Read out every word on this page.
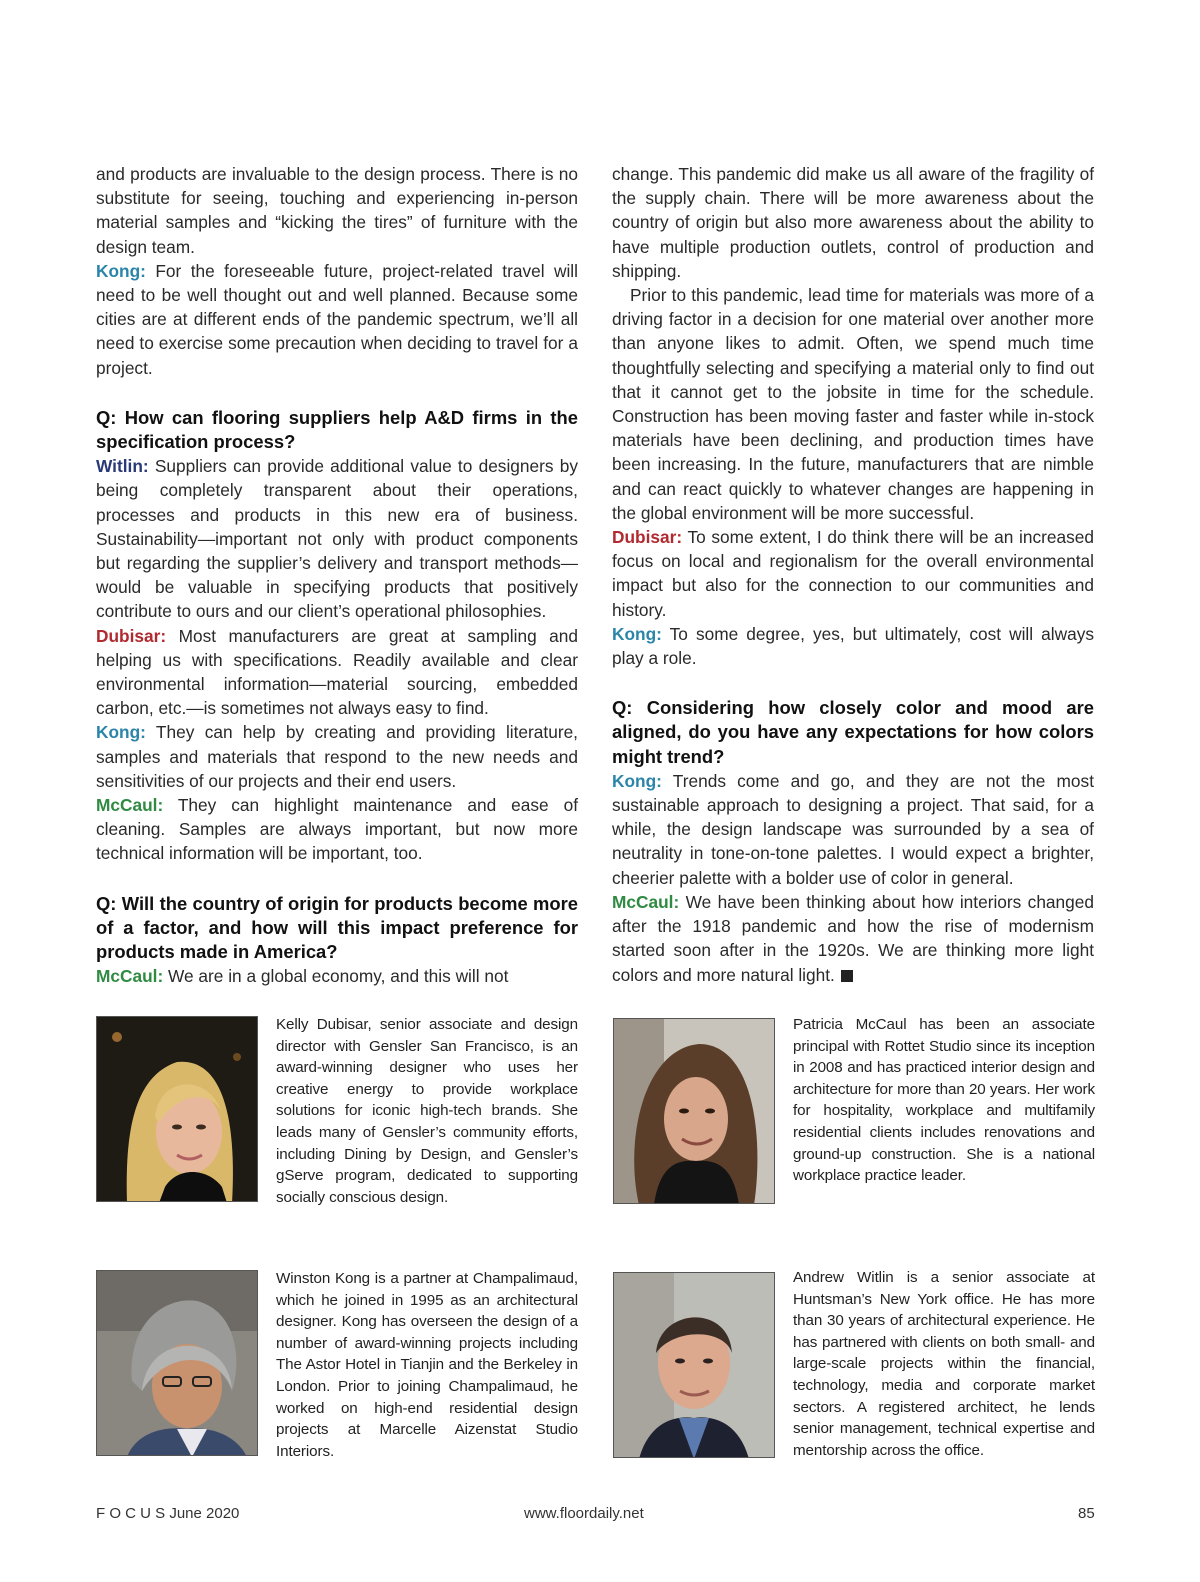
and products are invaluable to the design process. There is no substitute for seeing, touching and experiencing in-person material samples and “kicking the tires” of furniture with the design team.

Kong: For the foreseeable future, project-related travel will need to be well thought out and well planned. Because some cities are at different ends of the pandemic spectrum, we’ll all need to exercise some precaution when deciding to travel for a project.

Q: How can flooring suppliers help A&D firms in the specification process?

Witlin: Suppliers can provide additional value to designers by being completely transparent about their operations, processes and products in this new era of business. Sustainability—important not only with product components but regarding the supplier’s delivery and transport methods—would be valuable in specifying products that positively contribute to ours and our client’s operational philosophies.

Dubisar: Most manufacturers are great at sampling and helping us with specifications. Readily available and clear environmental information—material sourcing, embedded carbon, etc.—is sometimes not always easy to find.

Kong: They can help by creating and providing literature, samples and materials that respond to the new needs and sensitivities of our projects and their end users.

McCaul: They can highlight maintenance and ease of cleaning. Samples are always important, but now more technical information will be important, too.

Q: Will the country of origin for products become more of a factor, and how will this impact preference for products made in America?

McCaul: We are in a global economy, and this will not

change. This pandemic did make us all aware of the fragility of the supply chain. There will be more awareness about the country of origin but also more awareness about the ability to have multiple production outlets, control of production and shipping.

Prior to this pandemic, lead time for materials was more of a driving factor in a decision for one material over another more than anyone likes to admit. Often, we spend much time thoughtfully selecting and specifying a material only to find out that it cannot get to the jobsite in time for the schedule. Construction has been moving faster and faster while in-stock materials have been declining, and production times have been increasing. In the future, manufacturers that are nimble and can react quickly to whatever changes are happening in the global environment will be more successful.

Dubisar: To some extent, I do think there will be an increased focus on local and regionalism for the overall environmental impact but also for the connection to our communities and history.

Kong: To some degree, yes, but ultimately, cost will always play a role.

Q: Considering how closely color and mood are aligned, do you have any expectations for how colors might trend?

Kong: Trends come and go, and they are not the most sustainable approach to designing a project. That said, for a while, the design landscape was surrounded by a sea of neutrality in tone-on-tone palettes. I would expect a brighter, cheerier palette with a bolder use of color in general.

McCaul: We have been thinking about how interiors changed after the 1918 pandemic and how the rise of modernism started soon after in the 1920s. We are thinking more light colors and more natural light.

Kelly Dubisar, senior associate and design director with Gensler San Francisco, is an award-winning designer who uses her creative energy to provide workplace solutions for iconic high-tech brands. She leads many of Gensler’s community efforts, including Dining by Design, and Gensler’s gServe program, dedicated to supporting socially conscious design.
Patricia McCaul has been an associate principal with Rottet Studio since its inception in 2008 and has practiced interior design and architecture for more than 20 years. Her work for hospitality, workplace and multifamily residential clients includes renovations and ground-up construction. She is a national workplace practice leader.
Winston Kong is a partner at Champalimaud, which he joined in 1995 as an architectural designer. Kong has overseen the design of a number of award-winning projects including The Astor Hotel in Tianjin and the Berkeley in London. Prior to joining Champalimaud, he worked on high-end residential design projects at Marcelle Aizenstat Studio Interiors.
Andrew Witlin is a senior associate at Huntsman’s New York office. He has more than 30 years of architectural experience. He has partnered with clients on both small- and large-scale projects within the financial, technology, media and corporate market sectors. A registered architect, he lends senior management, technical expertise and mentorship across the office.
F O C U S June 2020	www.floordaily.net	85
